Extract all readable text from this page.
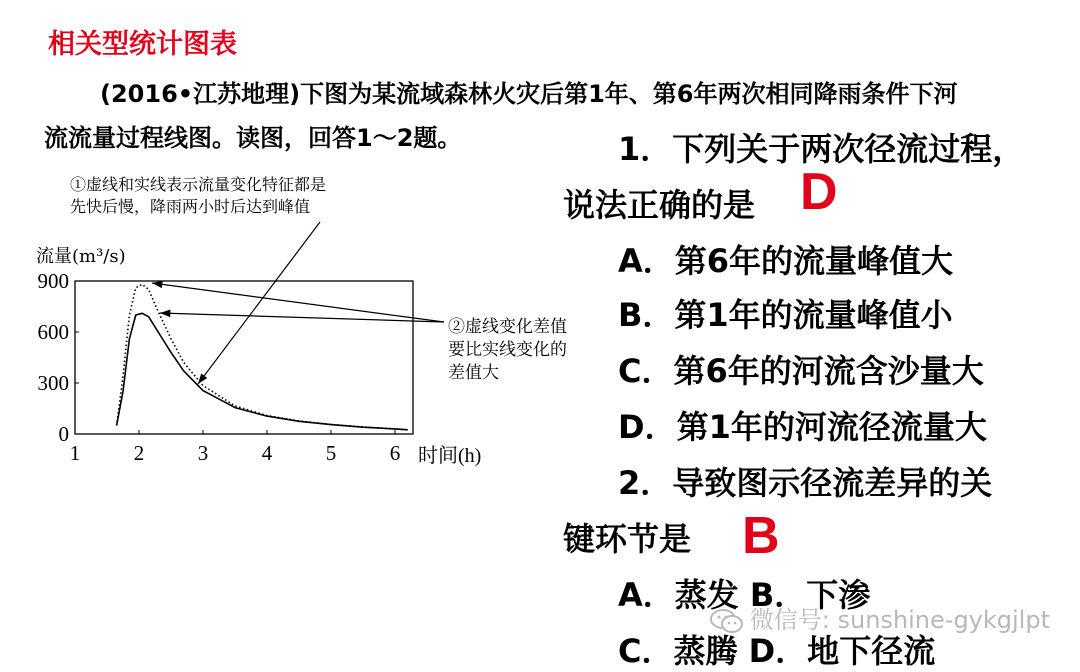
相关型统计图表
(2016•江苏地理)下图为某流域森林火灾后第1年、第6年两次相同降雨条件下河
流流量过程线图。读图，回答1～2题。
①虚线和实线表示流量变化特征都是
先快后慢，降雨两小时后达到峰值
②虚线变化差值
要比实线变化的
差值大
流量(m³/s)
900
600
300
0
1	2	3	4	5	6 时间(h)
1．下列关于两次径流过程，
说法正确的是 D
A．第6年的流量峰值大
B．第1年的流量峰值小
C．第6年的河流含沙量大
D．第1年的河流径流量大
2．导致图示径流差异的关
键环节是 B
A．蒸发 B．下渗
C．蒸腾 D．地下径流
微信号: sunshine-gykgjlpt
